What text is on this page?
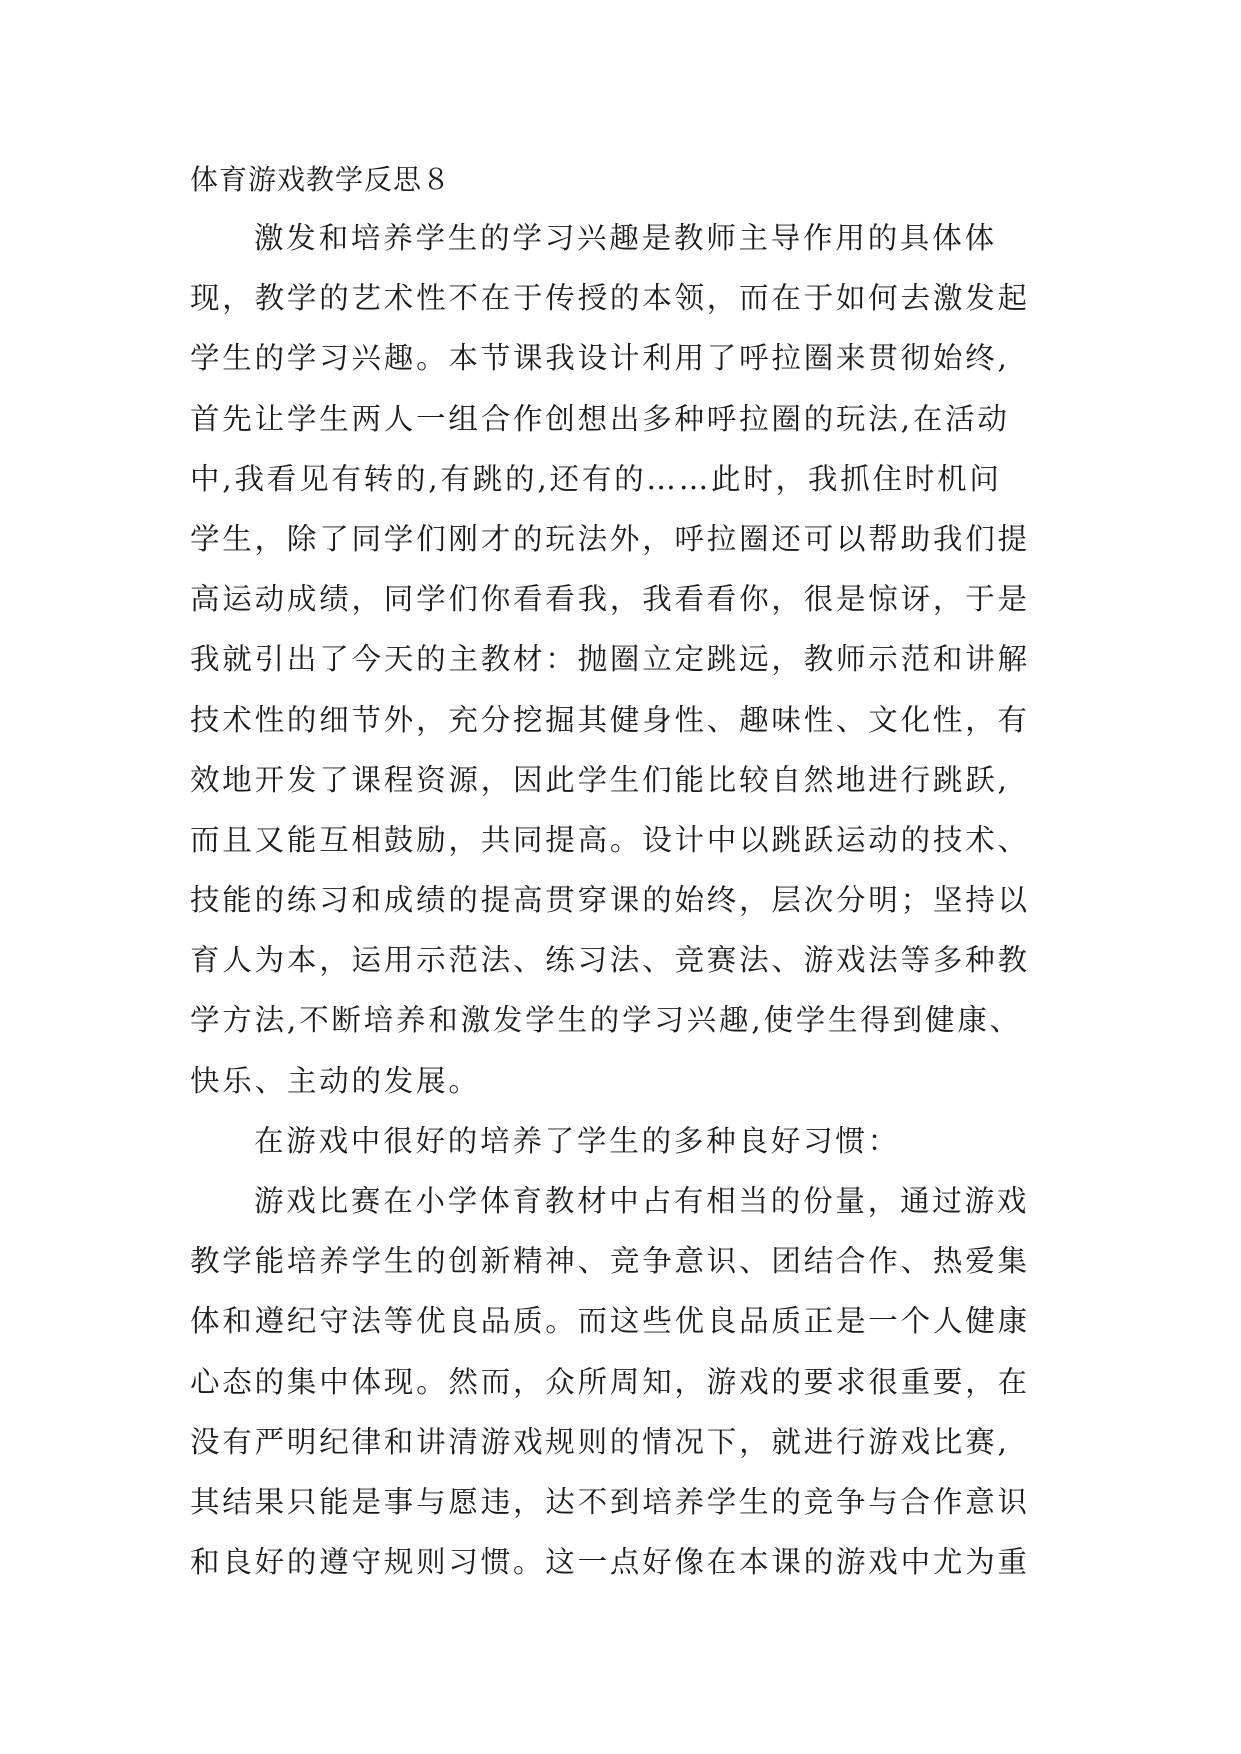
体育游戏教学反思８
激发和培养学生的学习兴趣是教师主导作用的具体体
现，教学的艺术性不在于传授的本领，而在于如何去激发起
学生的学习兴趣。本节课我设计利用了呼拉圈来贯彻始终,
首先让学生两人一组合作创想出多种呼拉圈的玩法,在活动
中,我看见有转的,有跳的,还有的……此时，我抓住时机问
学生，除了同学们刚才的玩法外，呼拉圈还可以帮助我们提
高运动成绩，同学们你看看我，我看看你，很是惊讶，于是
我就引出了今天的主教材：抛圈立定跳远，教师示范和讲解
技术性的细节外，充分挖掘其健身性、趣味性、文化性，有
效地开发了课程资源，因此学生们能比较自然地进行跳跃,
而且又能互相鼓励，共同提高。设计中以跳跃运动的技术、
技能的练习和成绩的提高贯穿课的始终，层次分明；坚持以
育人为本，运用示范法、练习法、竞赛法、游戏法等多种教
学方法,不断培养和激发学生的学习兴趣,使学生得到健康、
快乐、主动的发展。
在游戏中很好的培养了学生的多种良好习惯：
游戏比赛在小学体育教材中占有相当的份量，通过游戏
教学能培养学生的创新精神、竞争意识、团结合作、热爱集
体和遵纪守法等优良品质。而这些优良品质正是一个人健康
心态的集中体现。然而，众所周知，游戏的要求很重要，在
没有严明纪律和讲清游戏规则的情况下，就进行游戏比赛,
其结果只能是事与愿违，达不到培养学生的竞争与合作意识
和良好的遵守规则习惯。这一点好像在本课的游戏中尤为重
